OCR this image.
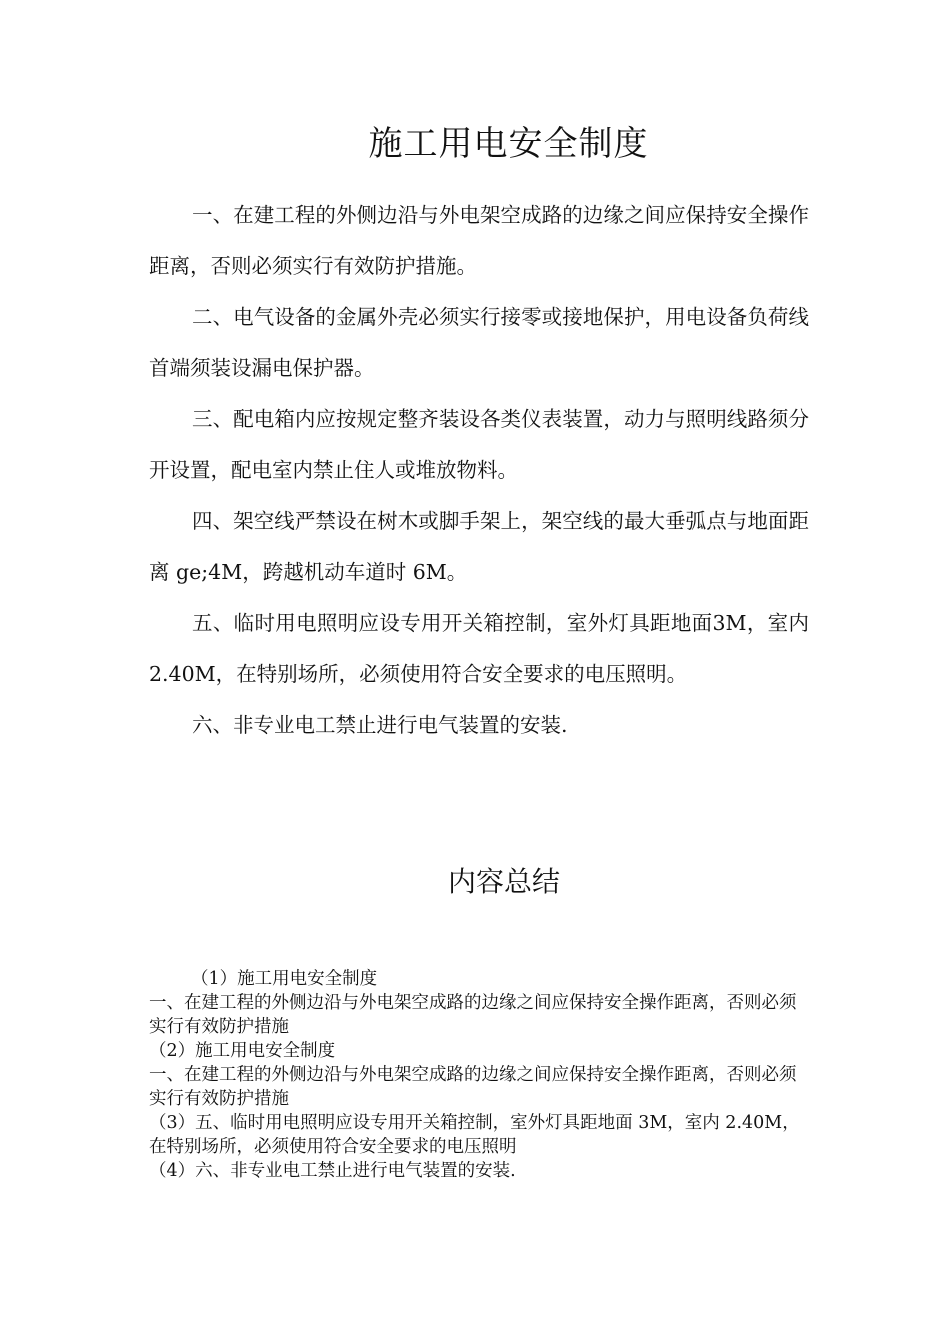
施工用电安全制度

一、在建工程的外侧边沿与外电架空成路的边缘之间应保持安全操作距离，否则必须实行有效防护措施。

二、电气设备的金属外壳必须实行接零或接地保护，用电设备负荷线首端须装设漏电保护器。

三、配电箱内应按规定整齐装设各类仪表装置，动力与照明线路须分开设置，配电室内禁止住人或堆放物料。

四、架空线严禁设在树木或脚手架上，架空线的最大垂弧点与地面距离 ge;4M，跨越机动车道时 6M。

五、临时用电照明应设专用开关箱控制，室外灯具距地面3M，室内 2.40M，在特别场所，必须使用符合安全要求的电压照明。

六、非专业电工禁止进行电气装置的安装.

内容总结

（1）施工用电安全制度

一、在建工程的外侧边沿与外电架空成路的边缘之间应保持安全操作距离，否则必须实行有效防护措施

（2）施工用电安全制度

一、在建工程的外侧边沿与外电架空成路的边缘之间应保持安全操作距离，否则必须实行有效防护措施

（3）五、临时用电照明应设专用开关箱控制，室外灯具距地面 3M，室内 2.40M，在特别场所，必须使用符合安全要求的电压照明

（4）六、非专业电工禁止进行电气装置的安装.
